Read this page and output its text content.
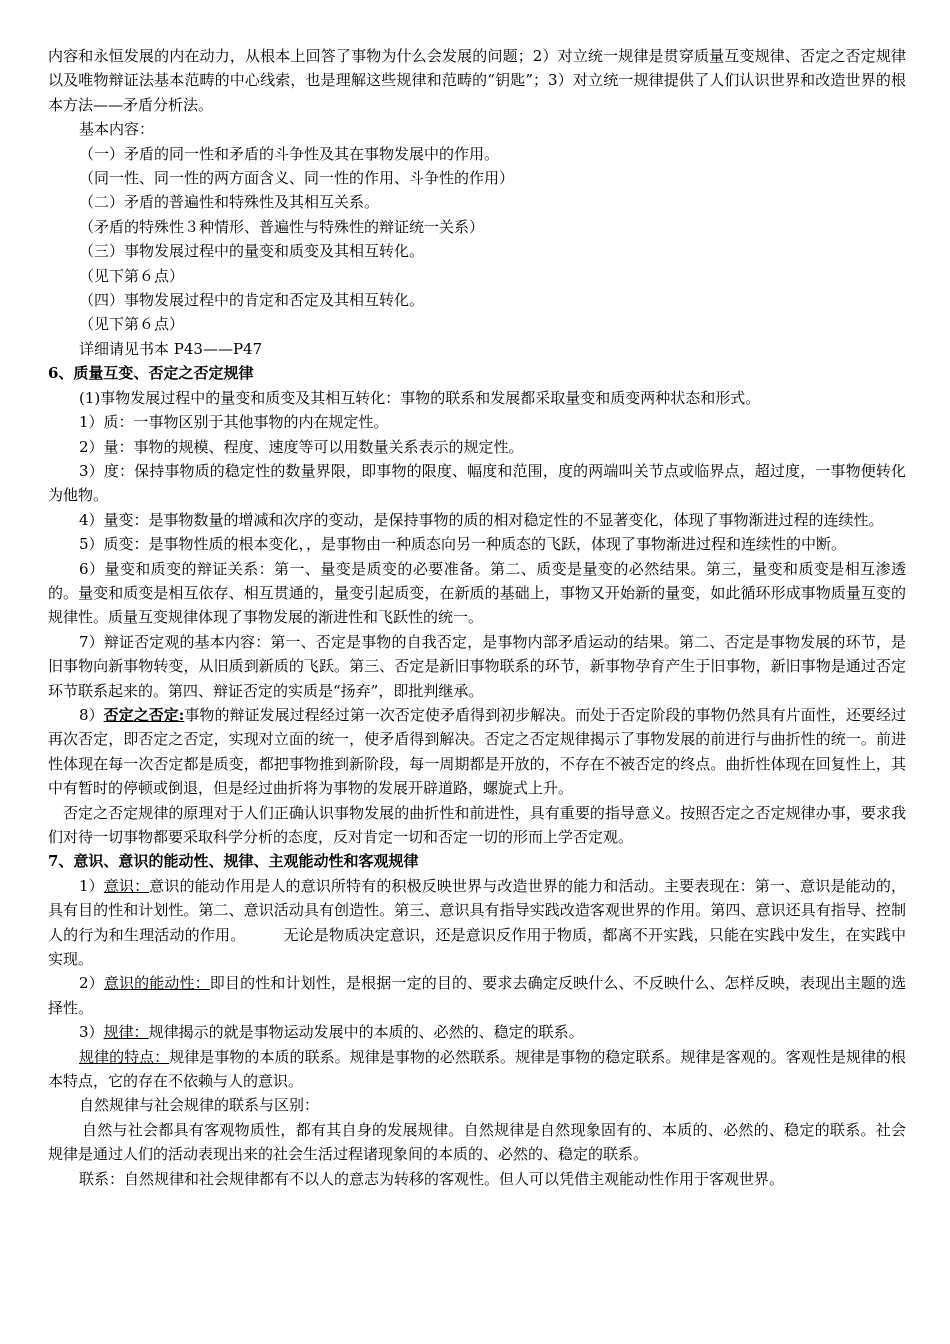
内容和永恒发展的内在动力，从根本上回答了事物为什么会发展的问题；2）对立统一规律是贯穿质量互变规律、否定之否定规律以及唯物辩证法基本范畴的中心线索，也是理解这些规律和范畴的“钥匙”；3）对立统一规律提供了人们认识世界和改造世界的根本方法——矛盾分析法。

基本内容：

（一）矛盾的同一性和矛盾的斗争性及其在事物发展中的作用。

（同一性、同一性的两方面含义、同一性的作用、斗争性的作用）

（二）矛盾的普遍性和特殊性及其相互关系。

（矛盾的特殊性３种情形、普遍性与特殊性的辩证统一关系）

（三）事物发展过程中的量变和质变及其相互转化。

（见下第６点）

（四）事物发展过程中的肯定和否定及其相互转化。

（见下第６点）

详细请见书本 P43——P47

6、质量互变、否定之否定规律

(1)事物发展过程中的量变和质变及其相互转化：事物的联系和发展都采取量变和质变两种状态和形式。

1）质：一事物区别于其他事物的内在规定性。

2）量：事物的规模、程度、速度等可以用数量关系表示的规定性。

3）度：保持事物质的稳定性的数量界限，即事物的限度、幅度和范围，度的两端叫关节点或临界点，超过度，一事物便转化为他物。

4）量变：是事物数量的增减和次序的变动，是保持事物的质的相对稳定性的不显著变化，体现了事物渐进过程的连续性。

5）质变：是事物性质的根本变化，，是事物由一种质态向另一种质态的飞跃，体现了事物渐进过程和连续性的中断。

6）量变和质变的辩证关系：第一、量变是质变的必要准备。第二、质变是量变的必然结果。第三，量变和质变是相互渗透的。量变和质变是相互依存、相互贯通的，量变引起质变，在新质的基础上，事物又开始新的量变，如此循环形成事物质量互变的规律性。质量互变规律体现了事物发展的渐进性和飞跃性的统一。

7）辩证否定观的基本内容：第一、否定是事物的自我否定，是事物内部矛盾运动的结果。第二、否定是事物发展的环节，是旧事物向新事物转变，从旧质到新质的飞跃。第三、否定是新旧事物联系的环节，新事物孕育产生于旧事物，新旧事物是通过否定环节联系起来的。第四、辩证否定的实质是“扬弃”，即批判继承。

8）否定之否定:事物的辩证发展过程经过第一次否定使矛盾得到初步解决。而处于否定阶段的事物仍然具有片面性，还要经过再次否定，即否定之否定，实现对立面的统一，使矛盾得到解决。否定之否定规律揭示了事物发展的前进行与曲折性的统一。前进性体现在每一次否定都是质变，都把事物推到新阶段，每一周期都是开放的，不存在不被否定的终点。曲折性体现在回复性上，其中有暂时的停顿或倒退，但是经过曲折将为事物的发展开辟道路，螺旋式上升。

否定之否定规律的原理对于人们正确认识事物发展的曲折性和前进性，具有重要的指导意义。按照否定之否定规律办事，要求我们对待一切事物都要采取科学分析的态度，反对肯定一切和否定一切的形而上学否定观。

7、意识、意识的能动性、规律、主观能动性和客观规律

1）意识：意识的能动作用是人的意识所特有的积极反映世界与改造世界的能力和活动。主要表现在：第一、意识是能动的，具有目的性和计划性。第二、意识活动具有创造性。第三、意识具有指导实践改造客观世界的作用。第四、意识还具有指导、控制人的行为和生理活动的作用。　　　无论是物质决定意识，还是意识反作用于物质，都离不开实践，只能在实践中发生，在实践中实现。

2）意识的能动性：即目的性和计划性，是根据一定的目的、要求去确定反映什么、不反映什么、怎样反映，表现出主题的选择性。

3）规律：规律揭示的就是事物运动发展中的本质的、必然的、稳定的联系。

规律的特点：规律是事物的本质的联系。规律是事物的必然联系。规律是事物的稳定联系。规律是客观的。客观性是规律的根本特点，它的存在不依赖与人的意识。

自然规律与社会规律的联系与区别：

自然与社会都具有客观物质性，都有其自身的发展规律。自然规律是自然现象固有的、本质的、必然的、稳定的联系。社会规律是通过人们的活动表现出来的社会生活过程诸现象间的本质的、必然的、稳定的联系。

联系：自然规律和社会规律都有不以人的意志为转移的客观性。但人可以凭借主观能动性作用于客观世界。
